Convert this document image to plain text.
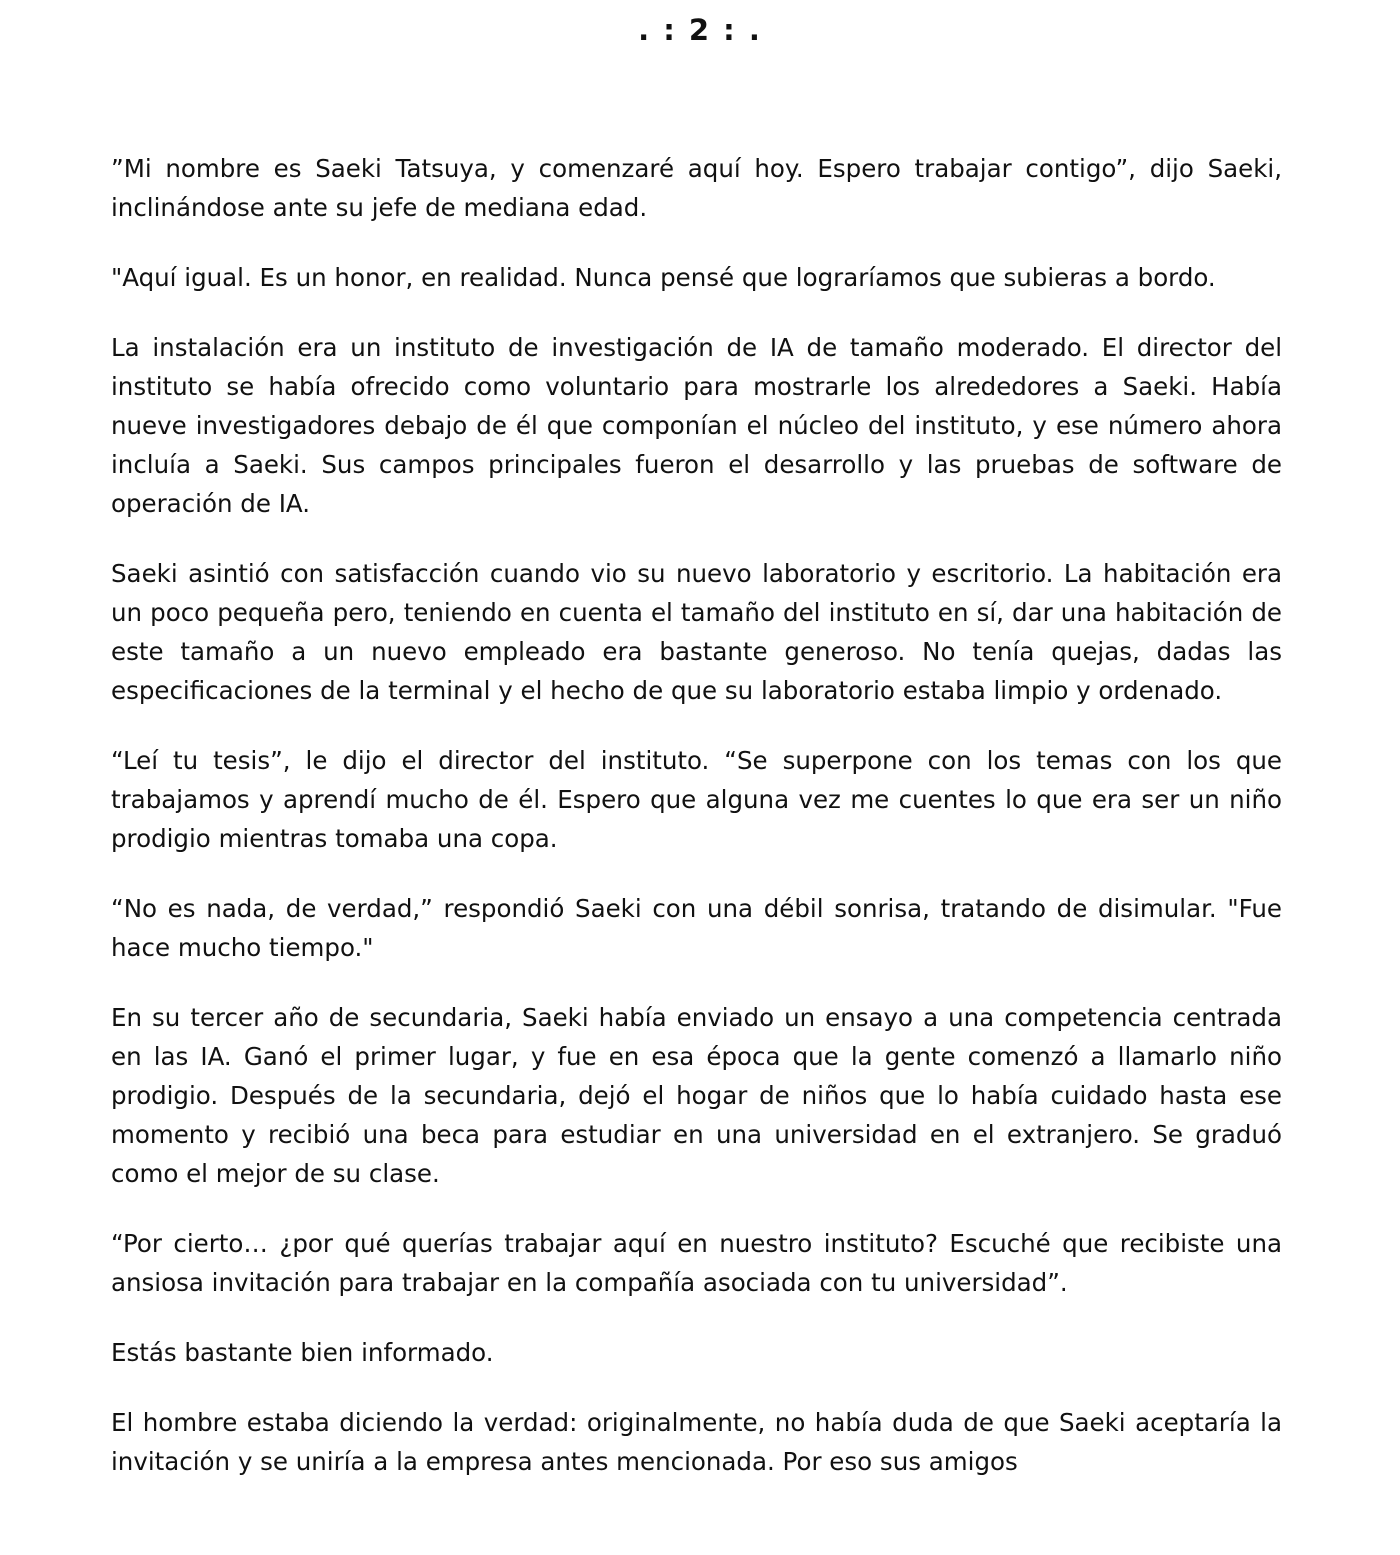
. : 2 : .

”Mi nombre es Saeki Tatsuya, y comenzaré aquí hoy. Espero trabajar contigo”, dijo Saeki, inclinándose ante su jefe de mediana edad.

"Aquí igual. Es un honor, en realidad. Nunca pensé que lograríamos que subieras a bordo.

La instalación era un instituto de investigación de IA de tamaño moderado. El director del instituto se había ofrecido como voluntario para mostrarle los alrededores a Saeki. Había nueve investigadores debajo de él que componían el núcleo del instituto, y ese número ahora incluía a Saeki. Sus campos principales fueron el desarrollo y las pruebas de software de operación de IA.

Saeki asintió con satisfacción cuando vio su nuevo laboratorio y escritorio. La habitación era un poco pequeña pero, teniendo en cuenta el tamaño del instituto en sí, dar una habitación de este tamaño a un nuevo empleado era bastante generoso. No tenía quejas, dadas las especificaciones de la terminal y el hecho de que su laboratorio estaba limpio y ordenado.

“Leí tu tesis”, le dijo el director del instituto. “Se superpone con los temas con los que trabajamos y aprendí mucho de él. Espero que alguna vez me cuentes lo que era ser un niño prodigio mientras tomaba una copa.

“No es nada, de verdad,” respondió Saeki con una débil sonrisa, tratando de disimular. "Fue hace mucho tiempo."

En su tercer año de secundaria, Saeki había enviado un ensayo a una competencia centrada en las IA. Ganó el primer lugar, y fue en esa época que la gente comenzó a llamarlo niño prodigio. Después de la secundaria, dejó el hogar de niños que lo había cuidado hasta ese momento y recibió una beca para estudiar en una universidad en el extranjero. Se graduó como el mejor de su clase.

“Por cierto… ¿por qué querías trabajar aquí en nuestro instituto? Escuché que recibiste una ansiosa invitación para trabajar en la compañía asociada con tu universidad”.

Estás bastante bien informado.

El hombre estaba diciendo la verdad: originalmente, no había duda de que Saeki aceptaría la invitación y se uniría a la empresa antes mencionada. Por eso sus amigos
